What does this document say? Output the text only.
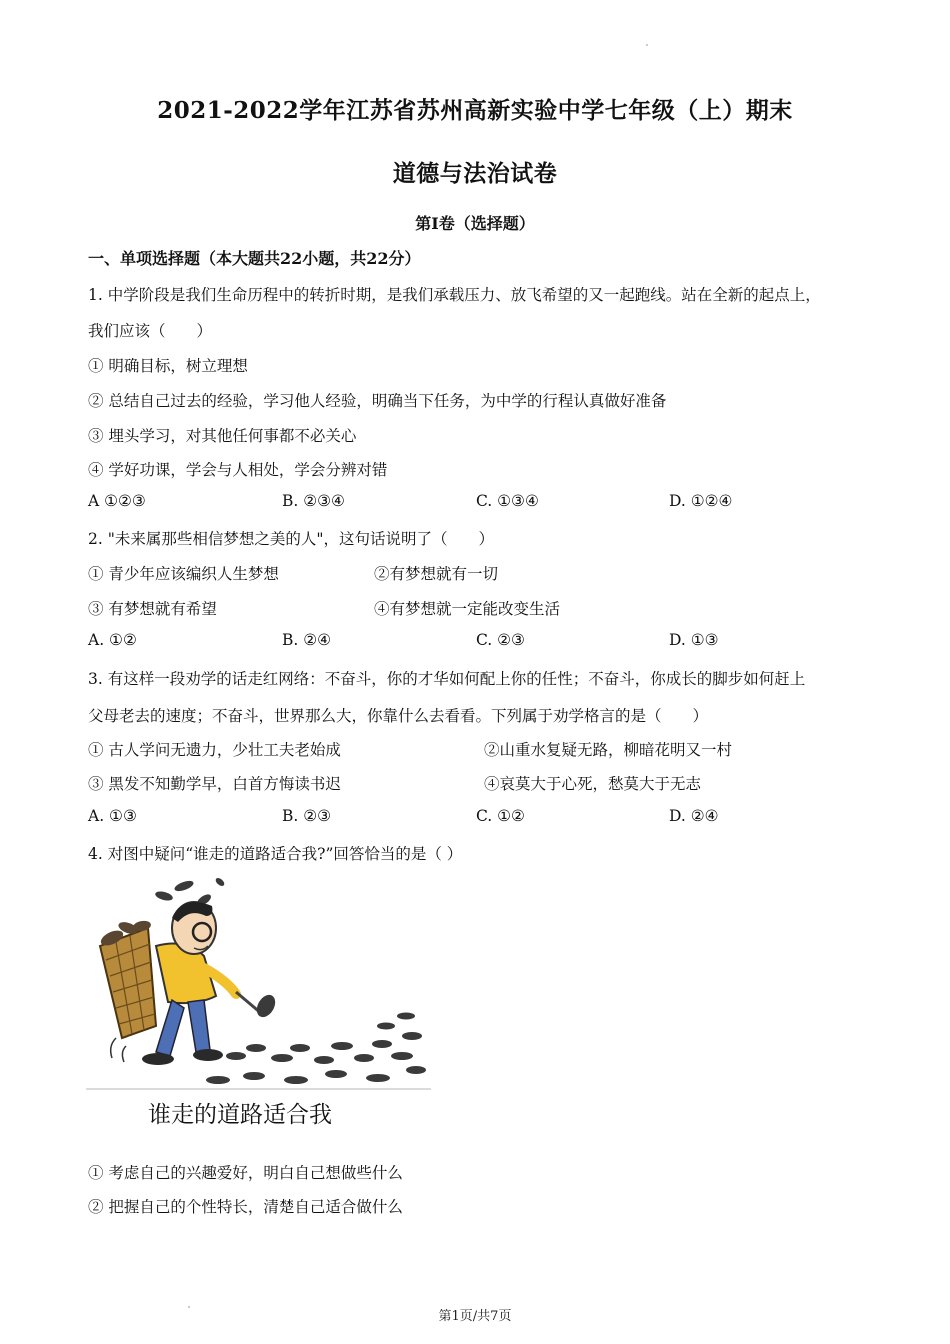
2021-2022学年江苏省苏州高新实验中学七年级（上）期末
道德与法治试卷
第Ⅰ卷（选择题）
一、单项选择题（本大题共22小题，共22分）
1. 中学阶段是我们生命历程中的转折时期，是我们承载压力、放飞希望的又一起跑线。站在全新的起点上，
我们应该（　　）
① 明确目标，树立理想
② 总结自己过去的经验，学习他人经验，明确当下任务，为中学的行程认真做好准备
③ 埋头学习，对其他任何事都不必关心
④ 学好功课，学会与人相处，学会分辨对错
A ①②③	B. ②③④	C. ①③④	D. ①②④
2. "未来属那些相信梦想之美的人"，这句话说明了（　　）
① 青少年应该编织人生梦想	②有梦想就有一切
③ 有梦想就有希望	④有梦想就一定能改变生活
A. ①②	B. ②④	C. ②③	D. ①③
3. 有这样一段劝学的话走红网络：不奋斗，你的才华如何配上你的任性；不奋斗，你成长的脚步如何赶上
父母老去的速度；不奋斗，世界那么大，你靠什么去看看。下列属于劝学格言的是（　　）
① 古人学问无遗力，少壮工夫老始成	②山重水复疑无路，柳暗花明又一村
③ 黑发不知勤学早，白首方悔读书迟	④哀莫大于心死，愁莫大于无志
A. ①③	B. ②③	C. ①②	D. ②④
4. 对图中疑问“谁走的道路适合我?”回答恰当的是（ ）
谁走的道路适合我
① 考虑自己的兴趣爱好，明白自己想做些什么
② 把握自己的个性特长，清楚自己适合做什么
第1页/共7页
